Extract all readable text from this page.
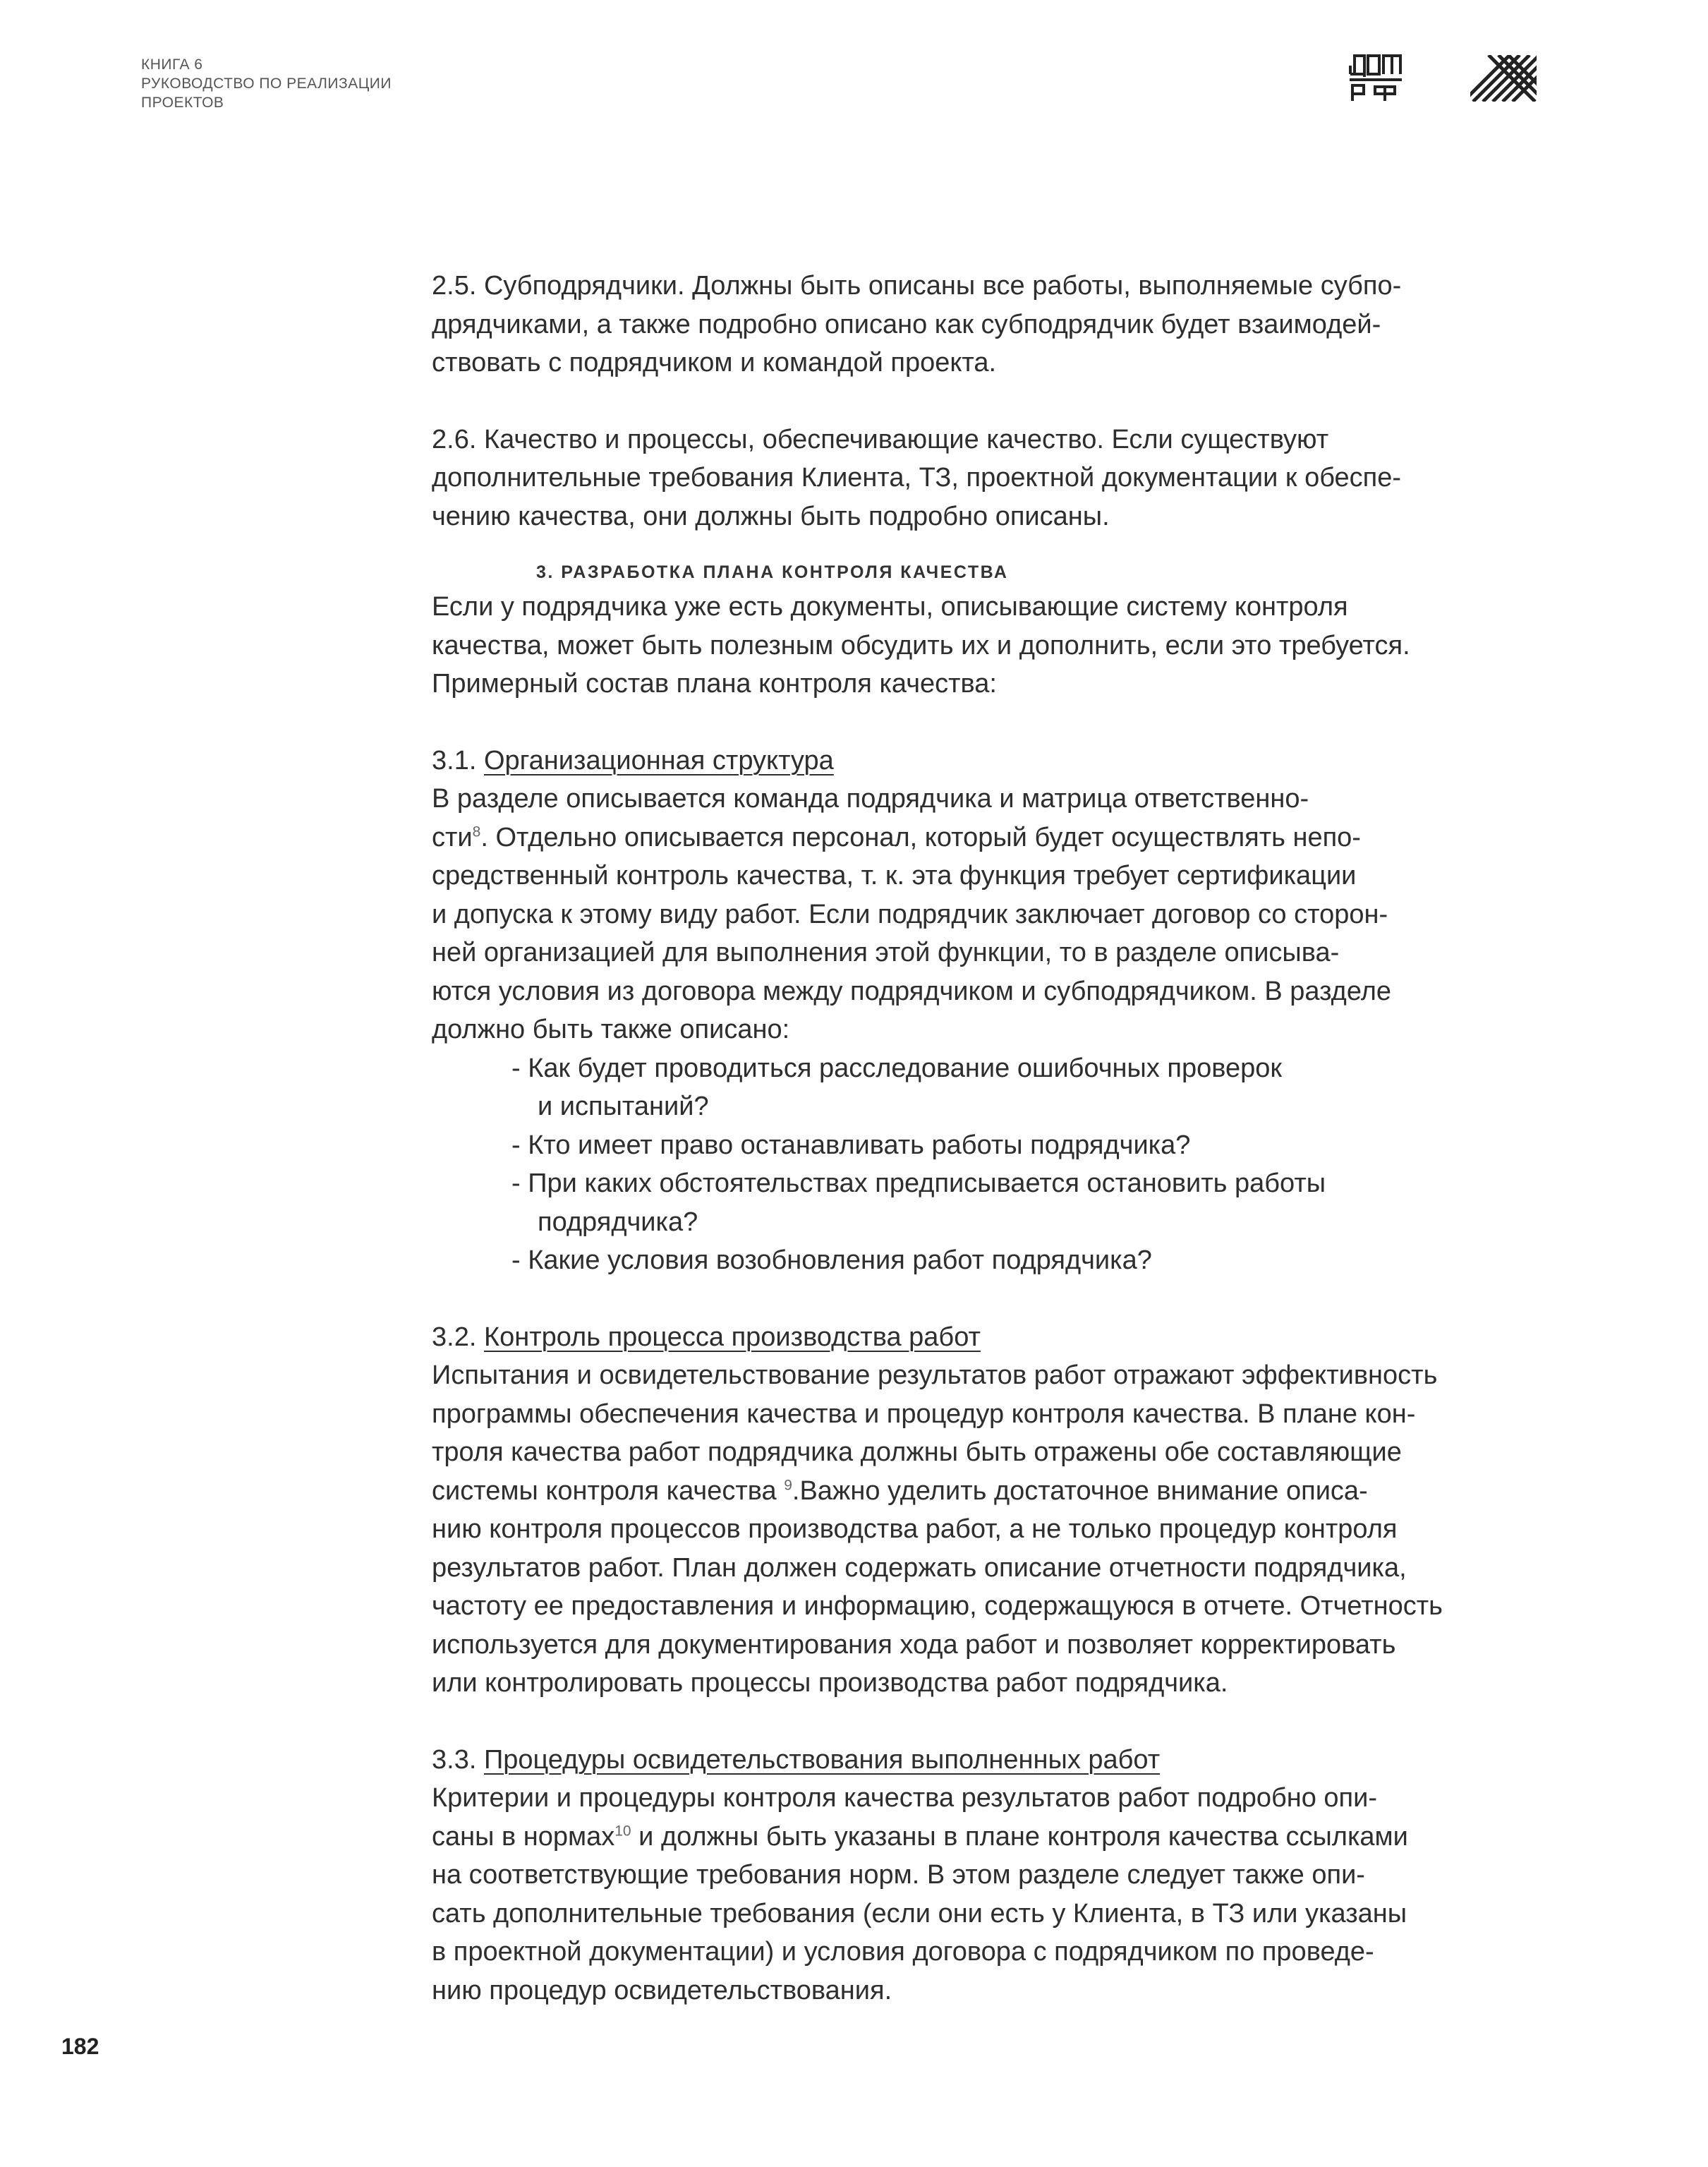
КНИГА 6
РУКОВОДСТВО ПО РЕАЛИЗАЦИИ
ПРОЕКТОВ
2.5. Субподрядчики. Должны быть описаны все работы, выполняемые субпо-
дрядчиками, а также подробно описано как субподрядчик будет взаимодей-
ствовать с подрядчиком и командой проекта.
2.6. Качество и процессы, обеспечивающие качество. Если существуют
дополнительные требования Клиента, ТЗ, проектной документации к обеспе-
чению качества, они должны быть подробно описаны.
3. РАЗРАБОТКА ПЛАНА КОНТРОЛЯ КАЧЕСТВА
Если у подрядчика уже есть документы, описывающие систему контроля
качества, может быть полезным обсудить их и дополнить, если это требуется.
Примерный состав плана контроля качества:
3.1. Организационная структура
В разделе описывается команда подрядчика и матрица ответственно-
сти$^8$. Отдельно описывается персонал, который будет осуществлять непо-
средственный контроль качества, т. к. эта функция требует сертификации
и допуска к этому виду работ. Если подрядчик заключает договор со сторон-
ней организацией для выполнения этой функции, то в разделе описыва-
ются условия из договора между подрядчиком и субподрядчиком. В разделе
должно быть также описано:
- Как будет проводиться расследование ошибочных проверок
и испытаний?
- Кто имеет право останавливать работы подрядчика?
- При каких обстоятельствах предписывается остановить работы
подрядчика?
- Какие условия возобновления работ подрядчика?
3.2. Контроль процесса производства работ
Испытания и освидетельствование результатов работ отражают эффективность
программы обеспечения качества и процедур контроля качества. В плане кон-
троля качества работ подрядчика должны быть отражены обе составляющие
системы контроля качества $^9$.Важно уделить достаточное внимание описа-
нию контроля процессов производства работ, а не только процедур контроля
результатов работ. План должен содержать описание отчетности подрядчика,
частоту ее предоставления и информацию, содержащуюся в отчете. Отчетность
используется для документирования хода работ и позволяет корректировать
или контролировать процессы производства работ подрядчика.
3.3. Процедуры освидетельствования выполненных работ
Критерии и процедуры контроля качества результатов работ подробно опи-
саны в нормах$^{10}$ и должны быть указаны в плане контроля качества ссылками
на соответствующие требования норм. В этом разделе следует также опи-
сать дополнительные требования (если они есть у Клиента, в ТЗ или указаны
в проектной документации) и условия договора с подрядчиком по проведе-
нию процедур освидетельствования.
182
